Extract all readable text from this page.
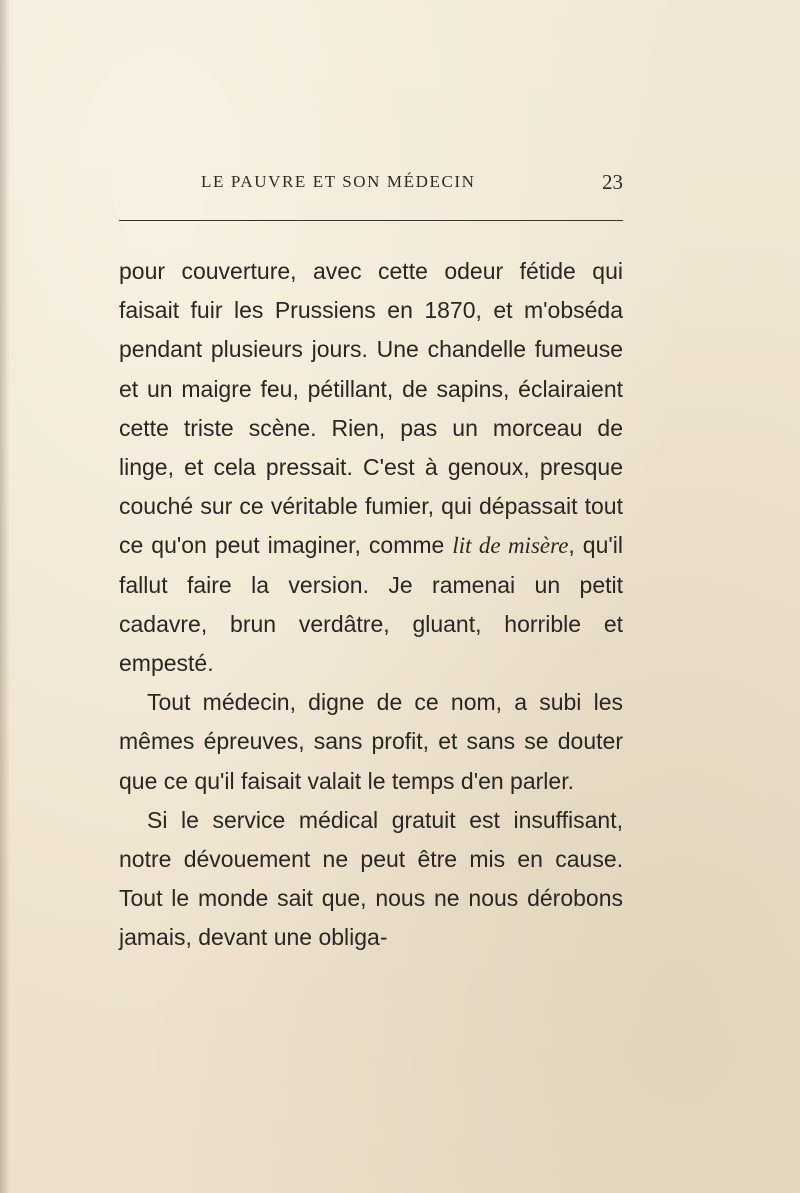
LE PAUVRE ET SON MÉDECIN	23

pour couverture, avec cette odeur fétide qui faisait fuir les Prussiens en 1870, et m'obséda pendant plusieurs jours. Une chandelle fumeuse et un maigre feu, pétillant, de sapins, éclairaient cette triste scène. Rien, pas un morceau de linge, et cela pressait. C'est à genoux, presque couché sur ce véritable fumier, qui dépassait tout ce qu'on peut imaginer, comme lit de misère, qu'il fallut faire la version. Je ramenai un petit cadavre, brun verdâtre, gluant, horrible et empesté.

Tout médecin, digne de ce nom, a subi les mêmes épreuves, sans profit, et sans se douter que ce qu'il faisait valait le temps d'en parler.

Si le service médical gratuit est insuffisant, notre dévouement ne peut être mis en cause. Tout le monde sait que, nous ne nous dérobons jamais, devant une obliga-
